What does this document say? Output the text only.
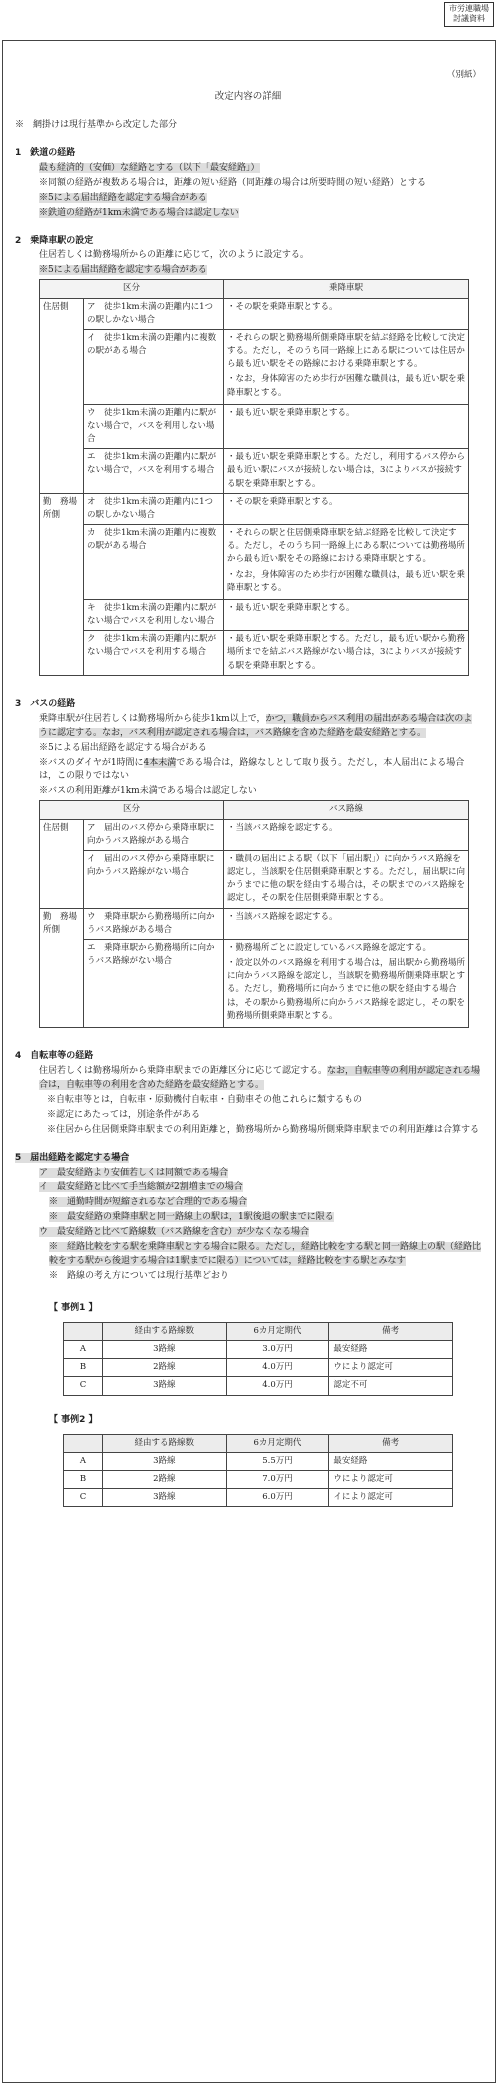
市労連職場
討議資料
（別紙）
改定内容の詳細
※　網掛けは現行基準から改定した部分
1　鉄道の経路
最も経済的（安価）な経路とする（以下「最安経路」）
※同額の経路が複数ある場合は，距離の短い経路（同距離の場合は所要時間の短い経路）とする
※5による届出経路を認定する場合がある
※鉄道の経路が1km未満である場合は認定しない
2　乗降車駅の設定
住居若しくは勤務場所からの距離に応じて，次のように設定する。
※5による届出経路を認定する場合がある
区分		乗降車駅
住居側	ア　徒歩1km未満の距離内に1つの駅しかない場合	・その駅を乗降車駅とする。
	イ　徒歩1km未満の距離内に複数の駅がある場合	・それらの駅と勤務場所側乗降車駅を結ぶ経路を比較して決定する。ただし，そのうち同一路線上にある駅については住居から最も近い駅をその路線における乗降車駅とする。
・なお，身体障害のため歩行が困難な職員は，最も近い駅を乗降車駅とする。

	ウ　徒歩1km未満の距離内に駅がない場合で，バスを利用しない場合	・最も近い駅を乗降車駅とする。
	エ　徒歩1km未満の距離内に駅がない場合で，バスを利用する場合	・最も近い駅を乗降車駅とする。ただし，利用するバス停から最も近い駅にバスが接続しない場合は，3によりバスが接続する駅を乗降車駅とする。
勤　務場所側	オ　徒歩1km未満の距離内に1つの駅しかない場合	・その駅を乗降車駅とする。
	カ　徒歩1km未満の距離内に複数の駅がある場合	・それらの駅と住居側乗降車駅を結ぶ経路を比較して決定する。ただし，そのうち同一路線上にある駅については勤務場所から最も近い駅をその路線における乗降車駅とする。
・なお，身体障害のため歩行が困難な職員は，最も近い駅を乗降車駅とする。

	キ　徒歩1km未満の距離内に駅がない場合でバスを利用しない場合	・最も近い駅を乗降車駅とする。
	ク　徒歩1km未満の距離内に駅がない場合でバスを利用する場合	・最も近い駅を乗降車駅とする。ただし，最も近い駅から勤務場所までを結ぶバス路線がない場合は，3によりバスが接続する駅を乗降車駅とする。
3　バスの経路
乗降車駅が住居若しくは勤務場所から徒歩1km以上で，かつ，職員からバス利用の届出がある場合は次のように認定する。なお，バス利用が認定される場合は，バス路線を含めた経路を最安経路とする。
※5による届出経路を認定する場合がある
※バスのダイヤが1時間に4本未満である場合は，路線なしとして取り扱う。ただし，本人届出による場合は，この限りではない
※バスの利用距離が1km未満である場合は認定しない
区分		バス路線
住居側	ア　届出のバス停から乗降車駅に向かうバス路線がある場合	・当該バス路線を認定する。
	イ　届出のバス停から乗降車駅に向かうバス路線がない場合	・職員の届出による駅（以下「届出駅」）に向かうバス路線を認定し，当該駅を住居側乗降車駅とする。ただし，届出駅に向かうまでに他の駅を経由する場合は，その駅までのバス路線を認定し，その駅を住居側乗降車駅とする。
勤　務場所側	ウ　乗降車駅から勤務場所に向かうバス路線がある場合	・当該バス路線を認定する。
	エ　乗降車駅から勤務場所に向かうバス路線がない場合	・勤務場所ごとに設定しているバス路線を認定する。
・設定以外のバス路線を利用する場合は，届出駅から勤務場所に向かうバス路線を認定し，当該駅を勤務場所側乗降車駅とする。ただし，勤務場所に向かうまでに他の駅を経由する場合は，その駅から勤務場所に向かうバス路線を認定し，その駅を勤務場所側乗降車駅とする。
4　自転車等の経路
住居若しくは勤務場所から乗降車駅までの距離区分に応じて認定する。なお，自転車等の利用が認定される場合は，自転車等の利用を含めた経路を最安経路とする。
※自転車等とは，自転車・原動機付自転車・自動車その他これらに類するもの
※認定にあたっては，別途条件がある
※住居から住居側乗降車駅までの利用距離と，勤務場所から勤務場所側乗降車駅までの利用距離は合算する
5　届出経路を認定する場合
ア　最安経路より安価若しくは同額である場合
イ　最安経路と比べて手当総額が2割増までの場合
※　通勤時間が短縮されるなど合理的である場合
※　最安経路の乗降車駅と同一路線上の駅は，1駅後退の駅までに限る
ウ　最安経路と比べて路線数（バス路線を含む）が少なくなる場合
※　経路比較をする駅を乗降車駅とする場合に限る。ただし，経路比較をする駅と同一路線上の駅（経路比較をする駅から後退する場合は1駅までに限る）については，経路比較をする駅とみなす
※　路線の考え方については現行基準どおり
【 事例1 】
	経由する路線数	6カ月定期代	備考
A	3路線	3.0万円	最安経路
B	2路線	4.0万円	ウにより認定可
C	3路線	4.0万円	認定不可
【 事例2 】
	経由する路線数	6カ月定期代	備考
A	3路線	5.5万円	最安経路
B	2路線	7.0万円	ウにより認定可
C	3路線	6.0万円	イにより認定可
